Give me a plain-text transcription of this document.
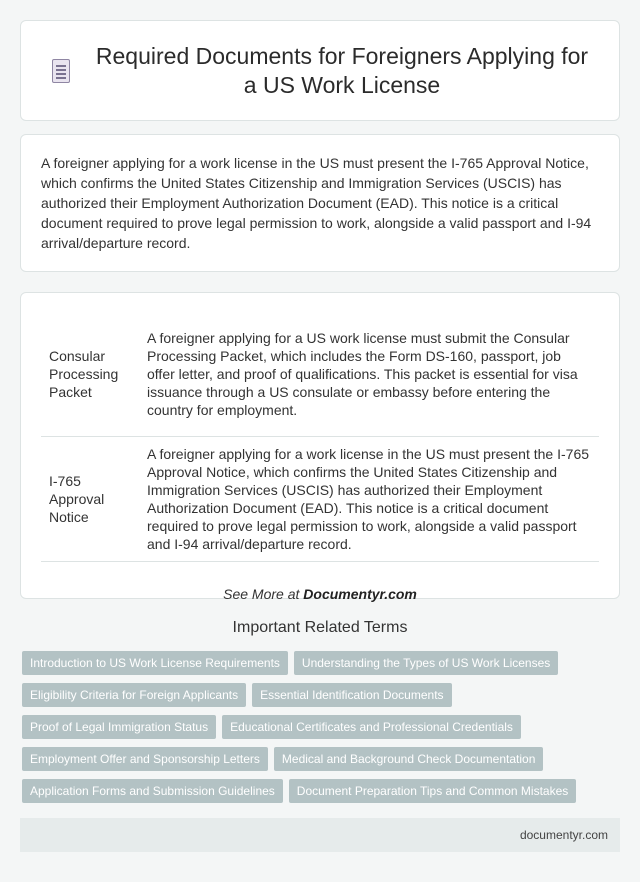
Required Documents for Foreigners Applying for a US Work License

A foreigner applying for a work license in the US must present the I-765 Approval Notice, which confirms the United States Citizenship and Immigration Services (USCIS) has authorized their Employment Authorization Document (EAD). This notice is a critical document required to prove legal permission to work, alongside a valid passport and I-94 arrival/departure record.

Consular Processing Packet	A foreigner applying for a US work license must submit the Consular Processing Packet, which includes the Form DS-160, passport, job offer letter, and proof of qualifications. This packet is essential for visa issuance through a US consulate or embassy before entering the country for employment.
I-765 Approval Notice	A foreigner applying for a work license in the US must present the I-765 Approval Notice, which confirms the United States Citizenship and Immigration Services (USCIS) has authorized their Employment Authorization Document (EAD). This notice is a critical document required to prove legal permission to work, alongside a valid passport and I-94 arrival/departure record.
See More at Documentyr.com
Important Related Terms
Introduction to US Work License Requirements	Understanding the Types of US Work Licenses
Eligibility Criteria for Foreign Applicants	Essential Identification Documents
Proof of Legal Immigration Status	Educational Certificates and Professional Credentials
Employment Offer and Sponsorship Letters	Medical and Background Check Documentation
Application Forms and Submission Guidelines	Document Preparation Tips and Common Mistakes
documentyr.com
